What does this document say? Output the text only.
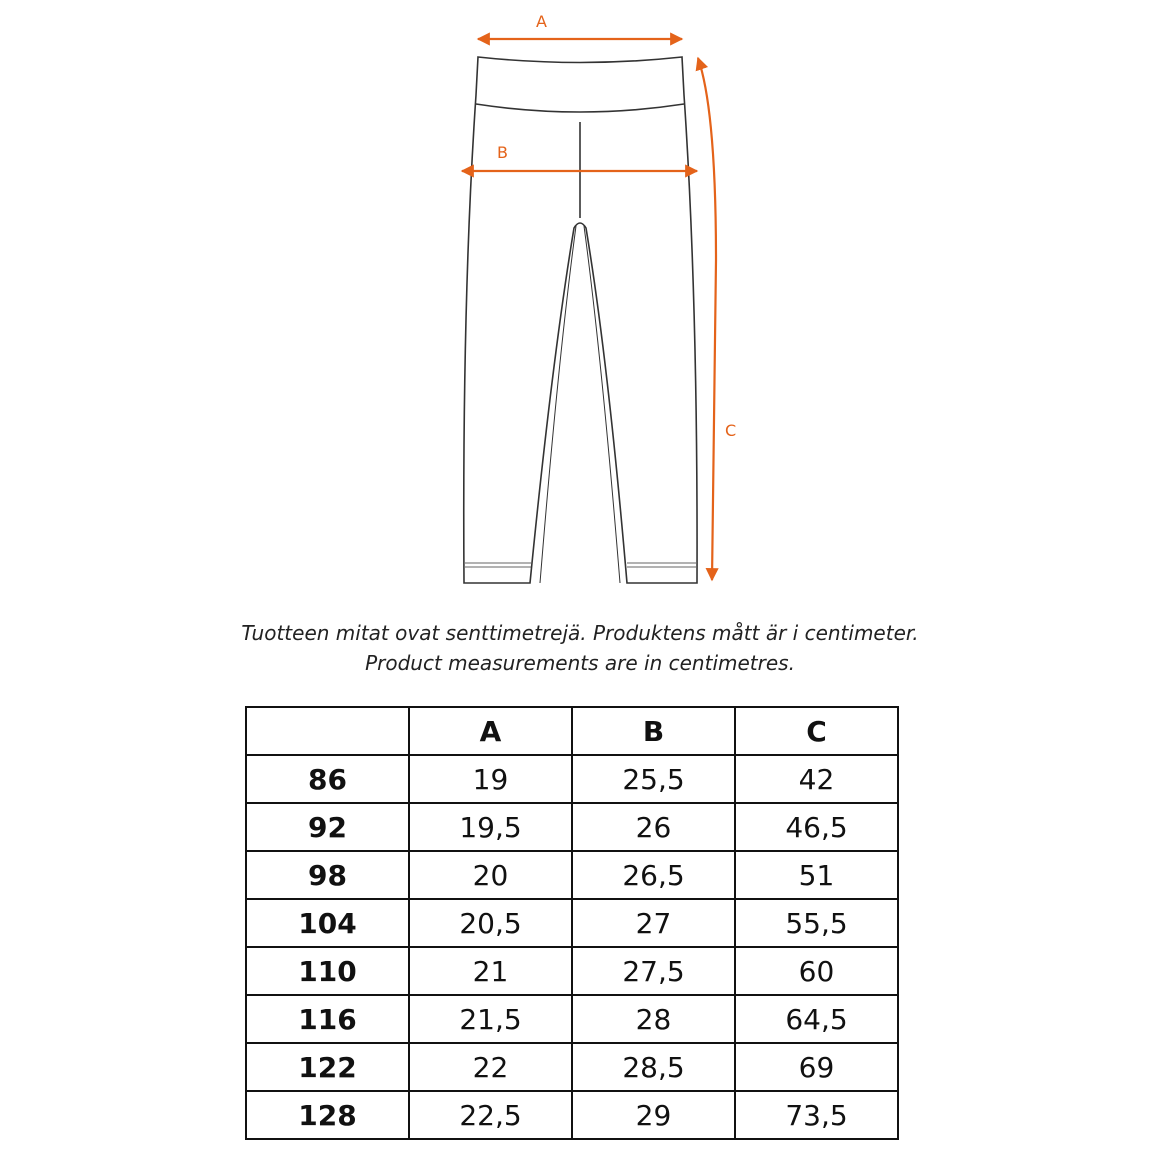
A
B
C
Tuotteen mitat ovat senttimetrejä. Produktens mått är i centimeter.
Product measurements are in centimetres.
	A	B	C
86	19	25,5	42
92	19,5	26	46,5
98	20	26,5	51
104	20,5	27	55,5
110	21	27,5	60
116	21,5	28	64,5
122	22	28,5	69
128	22,5	29	73,5
